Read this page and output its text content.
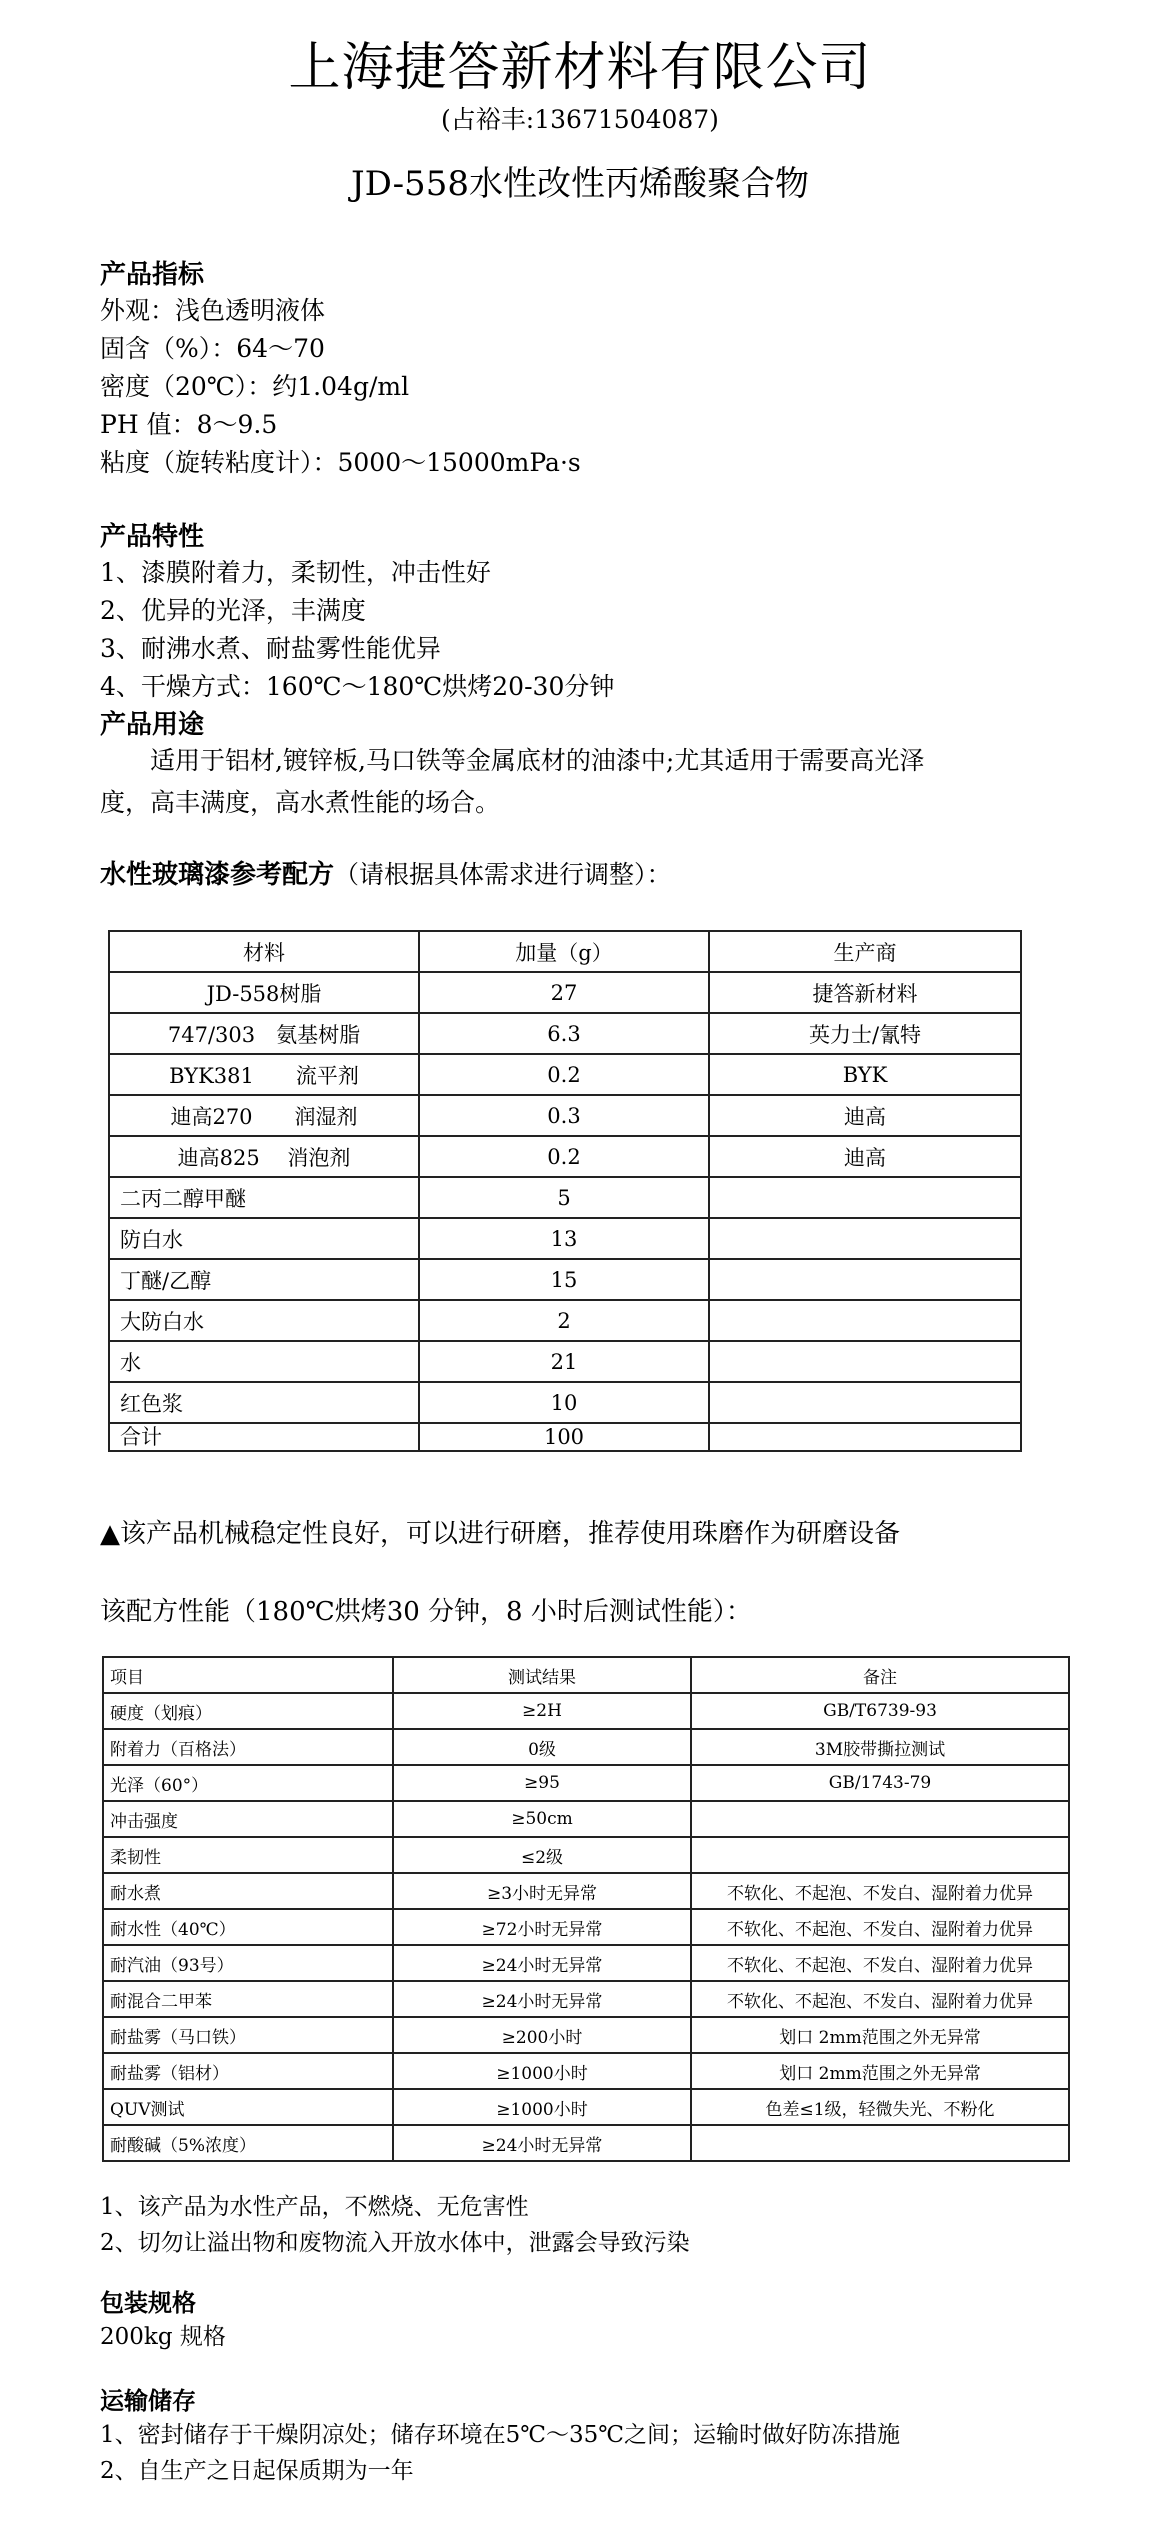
上海捷答新材料有限公司
(占裕丰:13671504087)
JD-558水性改性丙烯酸聚合物
产品指标
外观：浅色透明液体
固含（%）：64～70
密度（20℃）：约1.04g/ml
PH 值：8～9.5
粘度（旋转粘度计）：5000～15000mPa·s
产品特性
1、漆膜附着力，柔韧性，冲击性好
2、优异的光泽，丰满度
3、耐沸水煮、耐盐雾性能优异
4、干燥方式：160℃～180℃烘烤20-30分钟
产品用途
适用于铝材,镀锌板,马口铁等金属底材的油漆中;尤其适用于需要高光泽
度，高丰满度，高水煮性能的场合。
水性玻璃漆参考配方（请根据具体需求进行调整）：
材料	加量（g）	生产商
JD-558树脂	27	捷答新材料
747/303　氨基树脂	6.3	英力士/氰特
BYK381　　流平剂	0.2	BYK
迪高270　　润湿剂	0.3	迪高
迪高825　 消泡剂	0.2	迪高
二丙二醇甲醚	5	
防白水	13	
丁醚/乙醇	15	
大防白水	2	
水	21	
红色浆	10	
合计	100	
▲该产品机械稳定性良好，可以进行研磨，推荐使用珠磨作为研磨设备
该配方性能（180℃烘烤30 分钟，8 小时后测试性能）：
项目	测试结果	备注
硬度（划痕）	≥2H	GB/T6739-93
附着力（百格法）	0级	3M胶带撕拉测试
光泽（60°）	≥95	GB/1743-79
冲击强度	≥50cm	
柔韧性	≤2级	
耐水煮	≥3小时无异常	不软化、不起泡、不发白、湿附着力优异
耐水性（40℃）	≥72小时无异常	不软化、不起泡、不发白、湿附着力优异
耐汽油（93号）	≥24小时无异常	不软化、不起泡、不发白、湿附着力优异
耐混合二甲苯	≥24小时无异常	不软化、不起泡、不发白、湿附着力优异
耐盐雾（马口铁）	≥200小时	划口 2mm范围之外无异常
耐盐雾（铝材）	≥1000小时	划口 2mm范围之外无异常
QUV测试	≥1000小时	色差≤1级，轻微失光、不粉化
耐酸碱（5%浓度）	≥24小时无异常	
1、该产品为水性产品，不燃烧、无危害性
2、切勿让溢出物和废物流入开放水体中，泄露会导致污染
包装规格
200kg 规格
运输储存
1、密封储存于干燥阴凉处；储存环境在5℃～35℃之间；运输时做好防冻措施
2、自生产之日起保质期为一年
